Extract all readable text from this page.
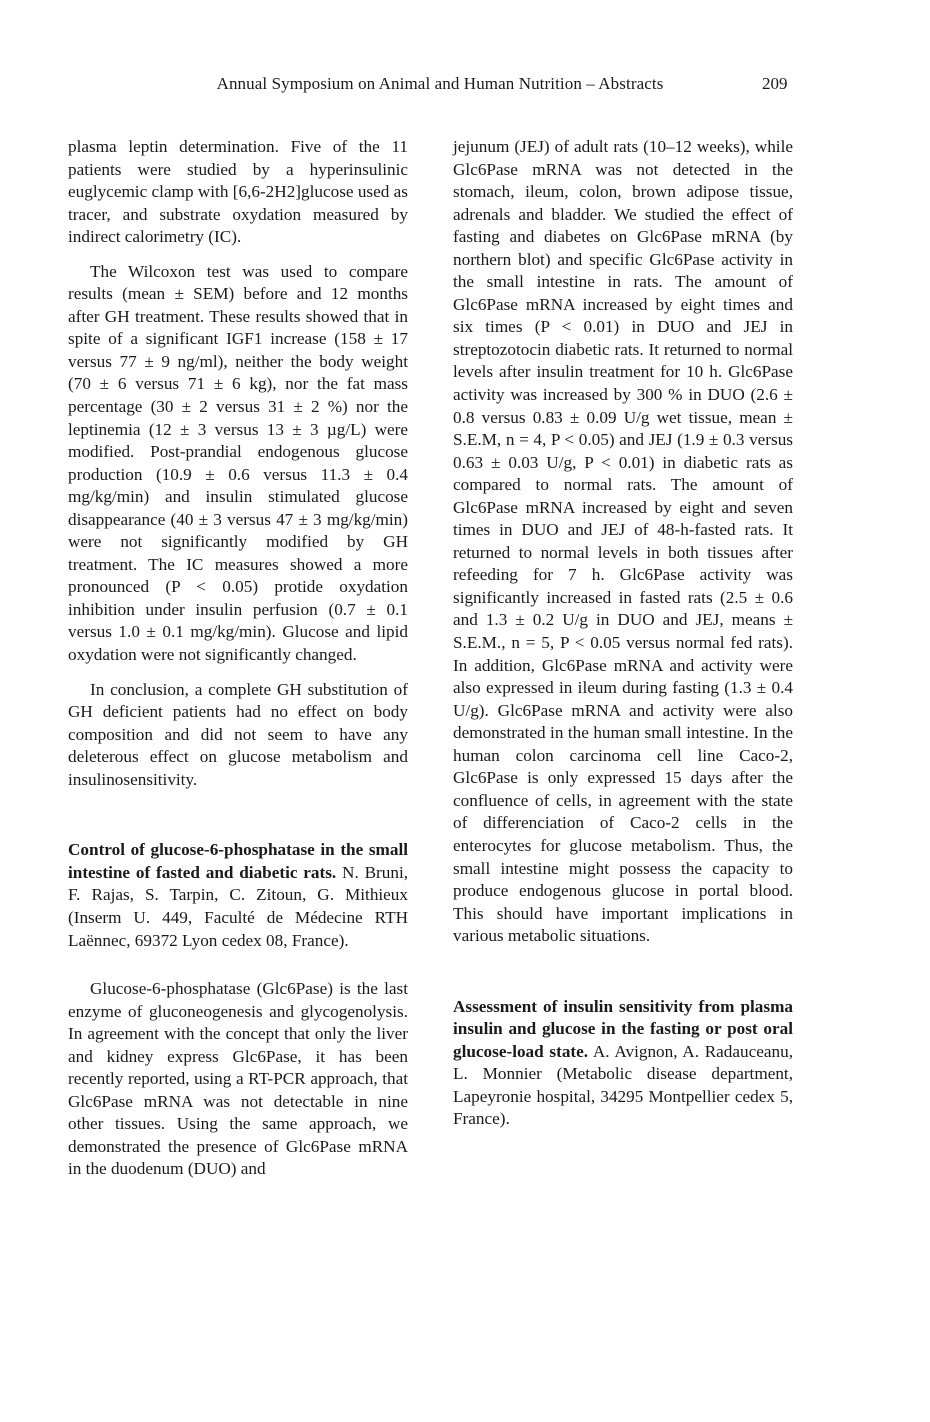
Annual Symposium on Animal and Human Nutrition – Abstracts	209

plasma leptin determination. Five of the 11 patients were studied by a hyperinsulinic euglycemic clamp with [6,6-2H2]glucose used as tracer, and substrate oxydation measured by indirect calorimetry (IC).

The Wilcoxon test was used to compare results (mean ± SEM) before and 12 months after GH treatment. These results showed that in spite of a significant IGF1 increase (158 ± 17 versus 77 ± 9 ng/ml), neither the body weight (70 ± 6 versus 71 ± 6 kg), nor the fat mass percentage (30 ± 2 versus 31 ± 2 %) nor the leptinemia (12 ± 3 versus 13 ± 3 µg/L) were modified. Post-prandial endogenous glucose production (10.9 ± 0.6 versus 11.3 ± 0.4 mg/kg/min) and insulin stimulated glucose disappearance (40 ± 3 versus 47 ± 3 mg/kg/min) were not significantly modified by GH treatment. The IC measures showed a more pronounced (P < 0.05) protide oxydation inhibition under insulin perfusion (0.7 ± 0.1 versus 1.0 ± 0.1 mg/kg/min). Glucose and lipid oxydation were not significantly changed.

In conclusion, a complete GH substitution of GH deficient patients had no effect on body composition and did not seem to have any deleterous effect on glucose metabolism and insulinosensitivity.

Control of glucose-6-phosphatase in the small intestine of fasted and diabetic rats. N. Bruni, F. Rajas, S. Tarpin, C. Zitoun, G. Mithieux (Inserm U. 449, Faculté de Médecine RTH Laënnec, 69372 Lyon cedex 08, France).

Glucose-6-phosphatase (Glc6Pase) is the last enzyme of gluconeogenesis and glycogenolysis. In agreement with the concept that only the liver and kidney express Glc6Pase, it has been recently reported, using a RT-PCR approach, that Glc6Pase mRNA was not detectable in nine other tissues. Using the same approach, we demonstrated the presence of Glc6Pase mRNA in the duodenum (DUO) and

jejunum (JEJ) of adult rats (10–12 weeks), while Glc6Pase mRNA was not detected in the stomach, ileum, colon, brown adipose tissue, adrenals and bladder. We studied the effect of fasting and diabetes on Glc6Pase mRNA (by northern blot) and specific Glc6Pase activity in the small intestine in rats. The amount of Glc6Pase mRNA increased by eight times and six times (P < 0.01) in DUO and JEJ in streptozotocin diabetic rats. It returned to normal levels after insulin treatment for 10 h. Glc6Pase activity was increased by 300 % in DUO (2.6 ± 0.8 versus 0.83 ± 0.09 U/g wet tissue, mean ± S.E.M, n = 4, P < 0.05) and JEJ (1.9 ± 0.3 versus 0.63 ± 0.03 U/g, P < 0.01) in diabetic rats as compared to normal rats. The amount of Glc6Pase mRNA increased by eight and seven times in DUO and JEJ of 48-h-fasted rats. It returned to normal levels in both tissues after refeeding for 7 h. Glc6Pase activity was significantly increased in fasted rats (2.5 ± 0.6 and 1.3 ± 0.2 U/g in DUO and JEJ, means ± S.E.M., n = 5, P < 0.05 versus normal fed rats). In addition, Glc6Pase mRNA and activity were also expressed in ileum during fasting (1.3 ± 0.4 U/g). Glc6Pase mRNA and activity were also demonstrated in the human small intestine. In the human colon carcinoma cell line Caco-2, Glc6Pase is only expressed 15 days after the confluence of cells, in agreement with the state of differenciation of Caco-2 cells in the enterocytes for glucose metabolism. Thus, the small intestine might possess the capacity to produce endogenous glucose in portal blood. This should have important implications in various metabolic situations.

Assessment of insulin sensitivity from plasma insulin and glucose in the fasting or post oral glucose-load state. A. Avignon, A. Radauceanu, L. Monnier (Metabolic disease department, Lapeyronie hospital, 34295 Montpellier cedex 5, France).
